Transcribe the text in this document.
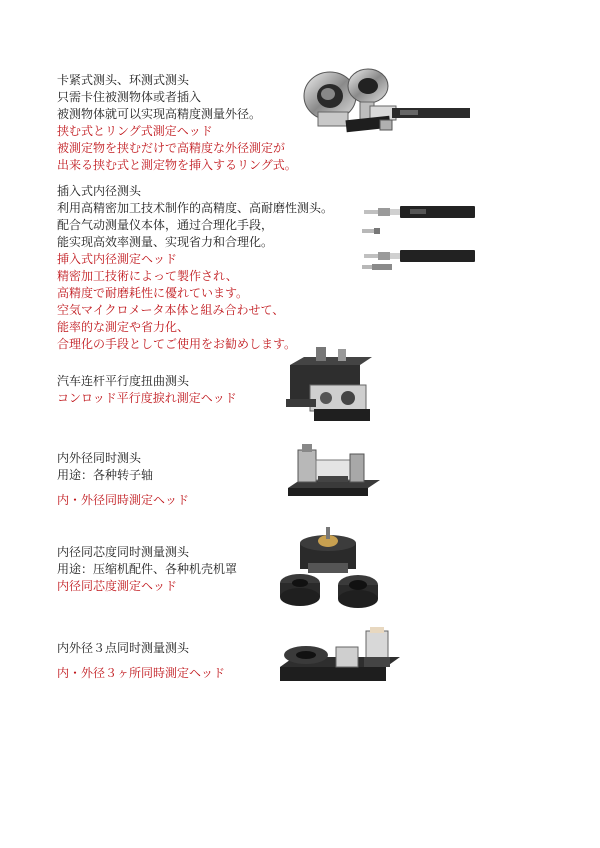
卡紧式测头、环测式测头
只需卡住被测物体或者插入
被测物体就可以实现高精度测量外径。
挟む式とリング式測定ヘッド
被測定物を挟むだけで高精度な外径測定が
出来る挟む式と測定物を挿入するリング式。
插入式内径测头
利用高精密加工技术制作的高精度、高耐磨性测头。
配合气动测量仪本体，通过合理化手段，
能实现高效率测量、实现省力和合理化。
挿入式内径測定ヘッド
精密加工技術によって製作され、
高精度で耐磨耗性に優れています。
空気マイクロメータ本体と組み合わせて、
能率的な測定や省力化、
合理化の手段としてご使用をお勧めします。
汽车连杆平行度扭曲测头
コンロッド平行度捩れ測定ヘッド
内外径同时测头
用途：各种转子轴
内・外径同時測定ヘッド
内径同芯度同时测量测头
用途：压缩机配件、各种机壳机罩
内径同芯度測定ヘッド
内外径３点同时测量测头
内・外径３ヶ所同時測定ヘッド
